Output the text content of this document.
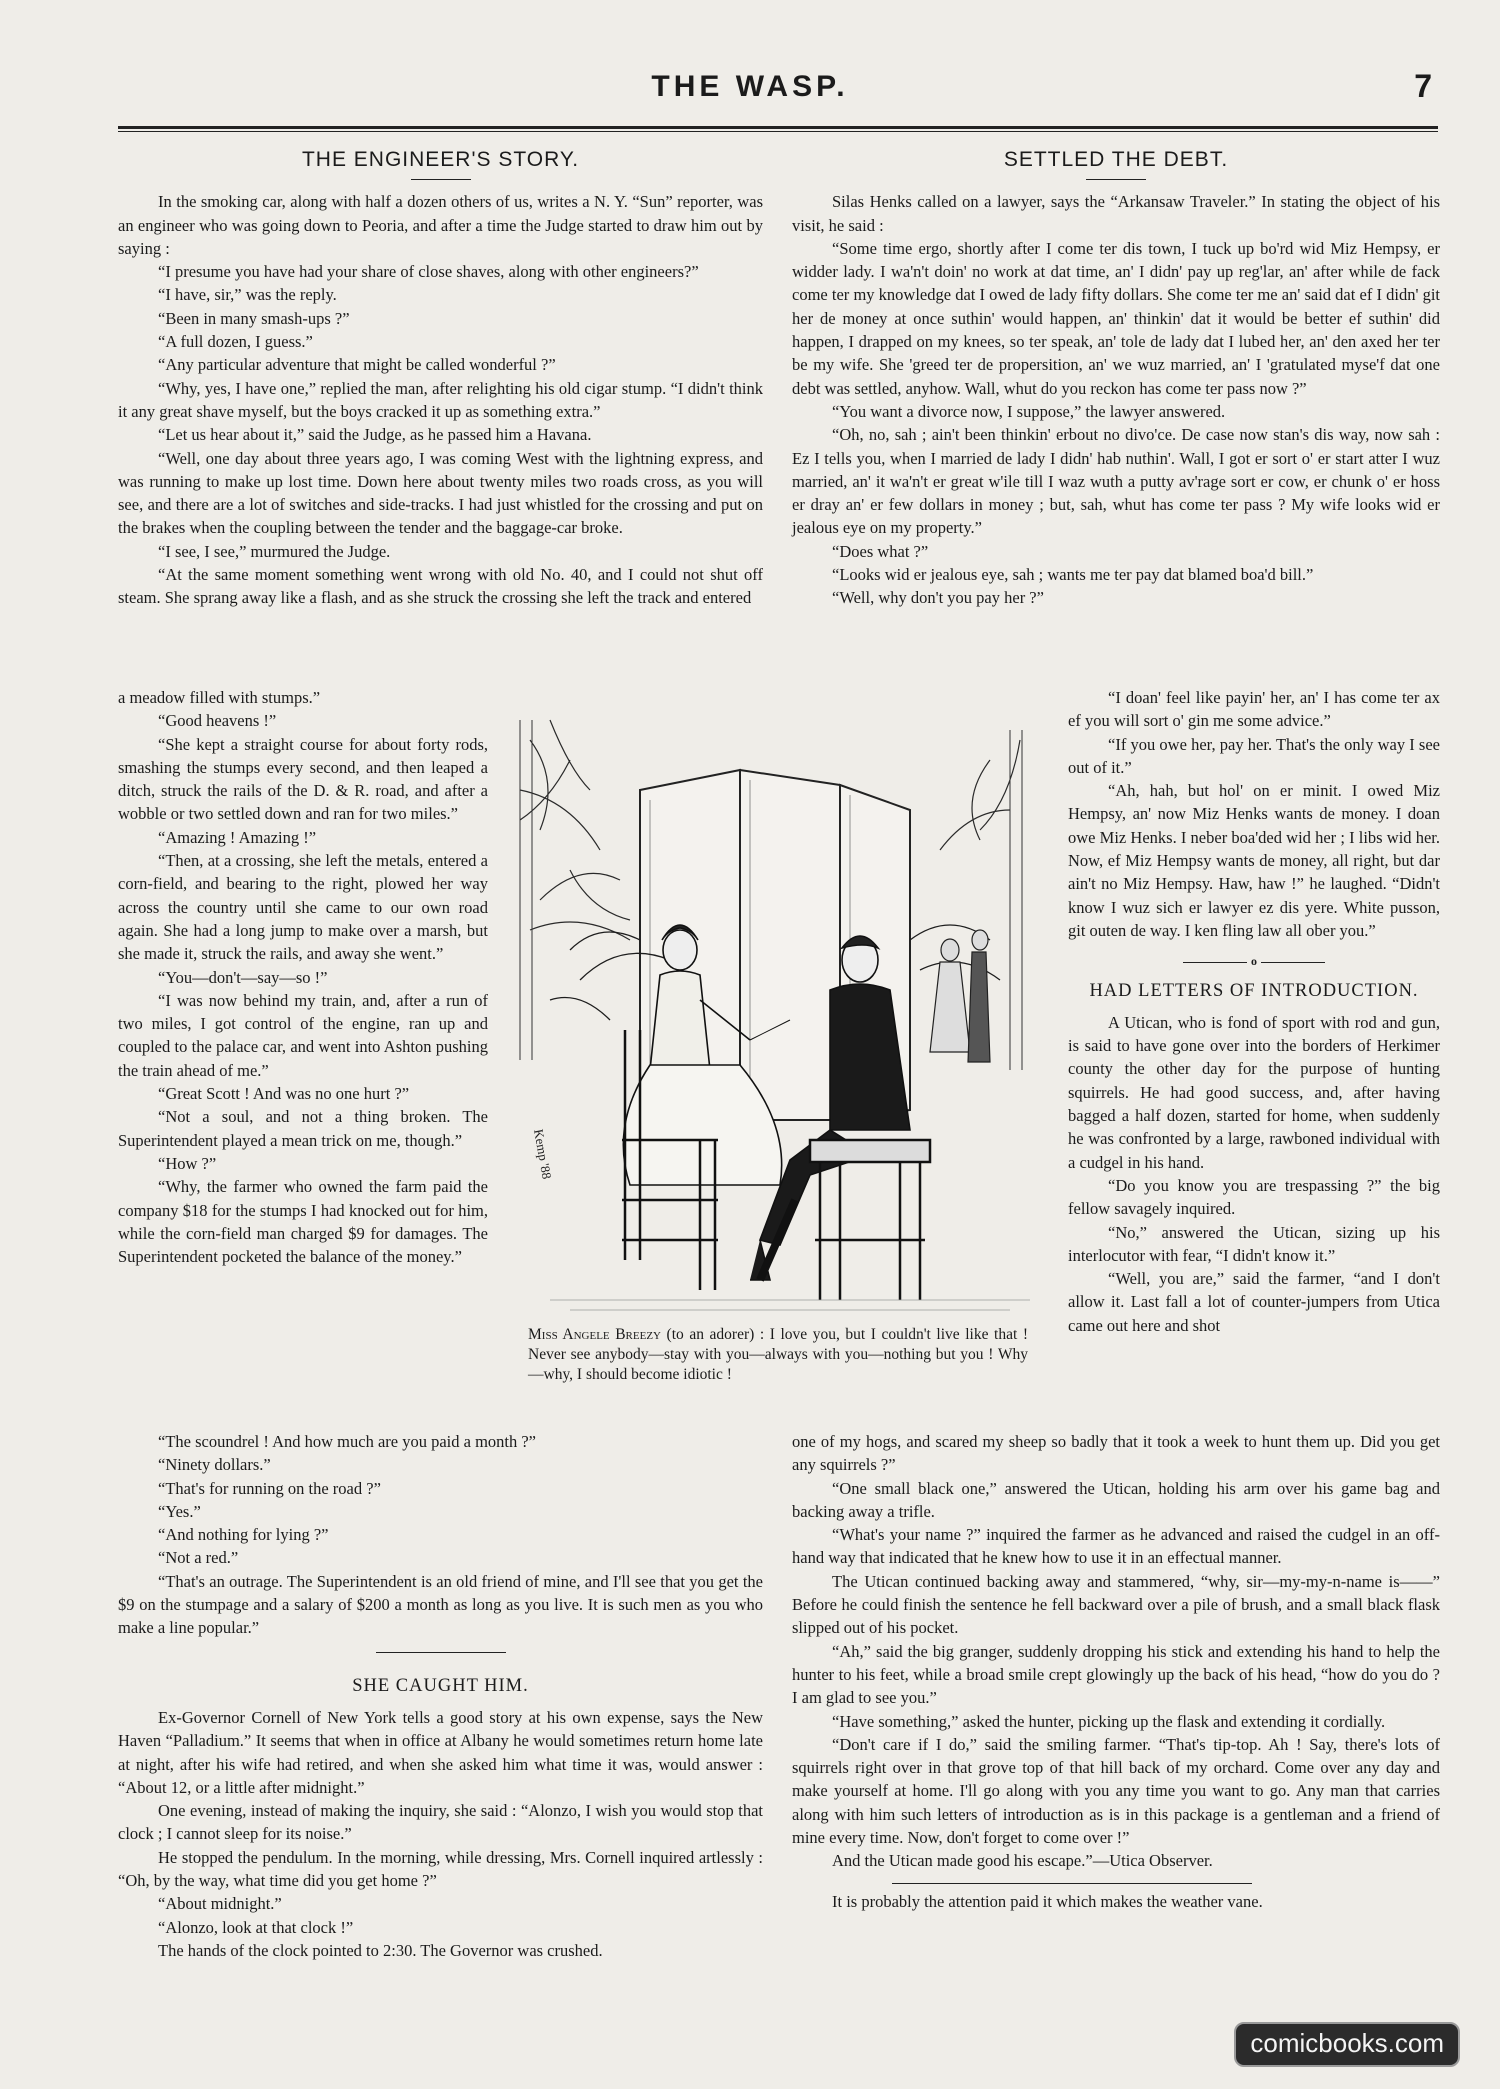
THE WASP.	7
THE ENGINEER'S STORY.

In the smoking car, along with half a dozen others of us, writes a N. Y. “Sun” reporter, was an engineer who was going down to Peoria, and after a time the Judge started to draw him out by saying :

“I presume you have had your share of close shaves, along with other engineers?”

“I have, sir,” was the reply.

“Been in many smash-ups ?”

“A full dozen, I guess.”

“Any particular adventure that might be called wonderful ?”

“Why, yes, I have one,” replied the man, after relighting his old cigar stump. “I didn't think it any great shave myself, but the boys cracked it up as something extra.”

“Let us hear about it,” said the Judge, as he passed him a Havana.

“Well, one day about three years ago, I was coming West with the lightning express, and was running to make up lost time. Down here about twenty miles two roads cross, as you will see, and there are a lot of switches and side-tracks. I had just whistled for the crossing and put on the brakes when the coupling between the tender and the baggage-car broke.

“I see, I see,” murmured the Judge.

“At the same moment something went wrong with old No. 40, and I could not shut off steam. She sprang away like a flash, and as she struck the crossing she left the track and entered

a meadow filled with stumps.”

“Good heavens !”

“She kept a straight course for about forty rods, smashing the stumps every second, and then leaped a ditch, struck the rails of the D. & R. road, and after a wobble or two settled down and ran for two miles.”

“Amazing ! Amazing !”

“Then, at a crossing, she left the metals, entered a corn-field, and bearing to the right, plowed her way across the country until she came to our own road again. She had a long jump to make over a marsh, but she made it, struck the rails, and away she went.”

“You—don't—say—so !”

“I was now behind my train, and, after a run of two miles, I got control of the engine, ran up and coupled to the palace car, and went into Ashton pushing the train ahead of me.”

“Great Scott ! And was no one hurt ?”

“Not a soul, and not a thing broken. The Superintendent played a mean trick on me, though.”

“How ?”

“Why, the farmer who owned the farm paid the company $18 for the stumps I had knocked out for him, while the corn-field man charged $9 for damages. The Superintendent pocketed the balance of the money.”

“The scoundrel ! And how much are you paid a month ?”

“Ninety dollars.”

“That's for running on the road ?”

“Yes.”

“And nothing for lying ?”

“Not a red.”

“That's an outrage. The Superintendent is an old friend of mine, and I'll see that you get the $9 on the stumpage and a salary of $200 a month as long as you live. It is such men as you who make a line popular.”

SHE CAUGHT HIM.

Ex-Governor Cornell of New York tells a good story at his own expense, says the New Haven “Palladium.” It seems that when in office at Albany he would sometimes return home late at night, after his wife had retired, and when she asked him what time it was, would answer : “About 12, or a little after midnight.”

One evening, instead of making the inquiry, she said : “Alonzo, I wish you would stop that clock ; I cannot sleep for its noise.”

He stopped the pendulum. In the morning, while dressing, Mrs. Cornell inquired artlessly : “Oh, by the way, what time did you get home ?”

“About midnight.”

“Alonzo, look at that clock !”

The hands of the clock pointed to 2:30. The Governor was crushed.

SETTLED THE DEBT.

Silas Henks called on a lawyer, says the “Arkansaw Traveler.” In stating the object of his visit, he said :

“Some time ergo, shortly after I come ter dis town, I tuck up bo'rd wid Miz Hempsy, er widder lady. I wa'n't doin' no work at dat time, an' I didn' pay up reg'lar, an' after while de fack come ter my knowledge dat I owed de lady fifty dollars. She come ter me an' said dat ef I didn' git her de money at once suthin' would happen, an' thinkin' dat it would be better ef suthin' did happen, I drapped on my knees, so ter speak, an' tole de lady dat I lubed her, an' den axed her ter be my wife. She 'greed ter de propersition, an' we wuz married, an' I 'gratulated myse'f dat one debt was settled, anyhow. Wall, whut do you reckon has come ter pass now ?”

“You want a divorce now, I suppose,” the lawyer answered.

“Oh, no, sah ; ain't been thinkin' erbout no divo'ce. De case now stan's dis way, now sah : Ez I tells you, when I married de lady I didn' hab nuthin'. Wall, I got er sort o' er start atter I wuz married, an' it wa'n't er great w'ile till I waz wuth a putty av'rage sort er cow, er chunk o' er hoss er dray an' er few dollars in money ; but, sah, whut has come ter pass ? My wife looks wid er jealous eye on my property.”

“Does what ?”

“Looks wid er jealous eye, sah ; wants me ter pay dat blamed boa'd bill.”

“Well, why don't you pay her ?”

“I doan' feel like payin' her, an' I has come ter ax ef you will sort o' gin me some advice.”

“If you owe her, pay her. That's the only way I see out of it.”

“Ah, hah, but hol' on er minit. I owed Miz Hempsy, an' now Miz Henks wants de money. I doan owe Miz Henks. I neber boa'ded wid her ; I libs wid her. Now, ef Miz Hempsy wants de money, all right, but dar ain't no Miz Hempsy. Haw, haw !” he laughed. “Didn't know I wuz sich er lawyer ez dis yere. White pusson, git outen de way. I ken fling law all ober you.”

o
HAD LETTERS OF INTRODUCTION.

A Utican, who is fond of sport with rod and gun, is said to have gone over into the borders of Herkimer county the other day for the purpose of hunting squirrels. He had good success, and, after having bagged a half dozen, started for home, when suddenly he was confronted by a large, rawboned individual with a cudgel in his hand.

“Do you know you are trespassing ?” the big fellow savagely inquired.

“No,” answered the Utican, sizing up his interlocutor with fear, “I didn't know it.”

“Well, you are,” said the farmer, “and I don't allow it. Last fall a lot of counter-jumpers from Utica came out here and shot

one of my hogs, and scared my sheep so badly that it took a week to hunt them up. Did you get any squirrels ?”

“One small black one,” answered the Utican, holding his arm over his game bag and backing away a trifle.

“What's your name ?” inquired the farmer as he advanced and raised the cudgel in an off-hand way that indicated that he knew how to use it in an effectual manner.

The Utican continued backing away and stammered, “why, sir—my-my-n-name is——” Before he could finish the sentence he fell backward over a pile of brush, and a small black flask slipped out of his pocket.

“Ah,” said the big granger, suddenly dropping his stick and extending his hand to help the hunter to his feet, while a broad smile crept glowingly up the back of his head, “how do you do ? I am glad to see you.”

“Have something,” asked the hunter, picking up the flask and extending it cordially.

“Don't care if I do,” said the smiling farmer. “That's tip-top. Ah ! Say, there's lots of squirrels right over in that grove top of that hill back of my orchard. Come over any day and make yourself at home. I'll go along with you any time you want to go. Any man that carries along with him such letters of introduction as is in this package is a gentleman and a friend of mine every time. Now, don't forget to come over !”

And the Utican made good his escape.”—Utica Observer.

It is probably the attention paid it which makes the weather vane.

Kemp '88
Miss Angele Breezy (to an adorer) : I love you, but I couldn't live like that ! Never see anybody—stay with you—always with you—nothing but you ! Why—why, I should become idiotic !
comicbooks.com
